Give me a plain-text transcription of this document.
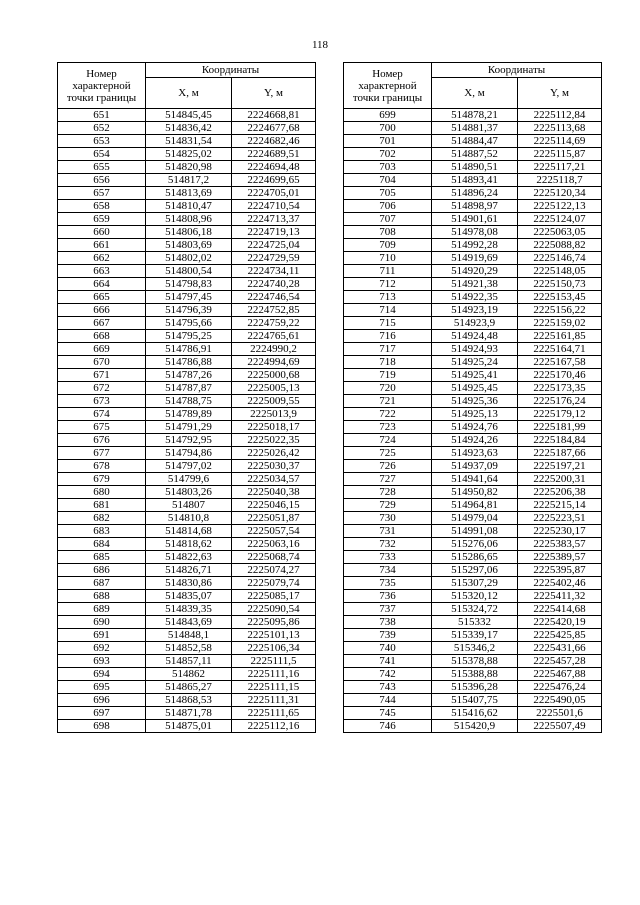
118
Номер характерной точки границы	Координаты	
	X, м	Y, м
651	514845,45	2224668,81
652	514836,42	2224677,68
653	514831,54	2224682,46
654	514825,02	2224689,51
655	514820,98	2224694,48
656	514817,2	2224699,65
657	514813,69	2224705,01
658	514810,47	2224710,54
659	514808,96	2224713,37
660	514806,18	2224719,13
661	514803,69	2224725,04
662	514802,02	2224729,59
663	514800,54	2224734,11
664	514798,83	2224740,28
665	514797,45	2224746,54
666	514796,39	2224752,85
667	514795,66	2224759,22
668	514795,25	2224765,61
669	514786,91	2224990,2
670	514786,88	2224994,69
671	514787,26	2225000,68
672	514787,87	2225005,13
673	514788,75	2225009,55
674	514789,89	2225013,9
675	514791,29	2225018,17
676	514792,95	2225022,35
677	514794,86	2225026,42
678	514797,02	2225030,37
679	514799,6	2225034,57
680	514803,26	2225040,38
681	514807	2225046,15
682	514810,8	2225051,87
683	514814,68	2225057,54
684	514818,62	2225063,16
685	514822,63	2225068,74
686	514826,71	2225074,27
687	514830,86	2225079,74
688	514835,07	2225085,17
689	514839,35	2225090,54
690	514843,69	2225095,86
691	514848,1	2225101,13
692	514852,58	2225106,34
693	514857,11	2225111,5
694	514862	2225111,16
695	514865,27	2225111,15
696	514868,53	2225111,31
697	514871,78	2225111,65
698	514875,01	2225112,16
Номер характерной точки границы	Координаты	
	X, м	Y, м
699	514878,21	2225112,84
700	514881,37	2225113,68
701	514884,47	2225114,69
702	514887,52	2225115,87
703	514890,51	2225117,21
704	514893,41	2225118,7
705	514896,24	2225120,34
706	514898,97	2225122,13
707	514901,61	2225124,07
708	514978,08	2225063,05
709	514992,28	2225088,82
710	514919,69	2225146,74
711	514920,29	2225148,05
712	514921,38	2225150,73
713	514922,35	2225153,45
714	514923,19	2225156,22
715	514923,9	2225159,02
716	514924,48	2225161,85
717	514924,93	2225164,71
718	514925,24	2225167,58
719	514925,41	2225170,46
720	514925,45	2225173,35
721	514925,36	2225176,24
722	514925,13	2225179,12
723	514924,76	2225181,99
724	514924,26	2225184,84
725	514923,63	2225187,66
726	514937,09	2225197,21
727	514941,64	2225200,31
728	514950,82	2225206,38
729	514964,81	2225215,14
730	514979,04	2225223,51
731	514991,08	2225230,17
732	515276,06	2225383,57
733	515286,65	2225389,57
734	515297,06	2225395,87
735	515307,29	2225402,46
736	515320,12	2225411,32
737	515324,72	2225414,68
738	515332	2225420,19
739	515339,17	2225425,85
740	515346,2	2225431,66
741	515378,88	2225457,28
742	515388,88	2225467,88
743	515396,28	2225476,24
744	515407,75	2225490,05
745	515416,62	2225501,6
746	515420,9	2225507,49
